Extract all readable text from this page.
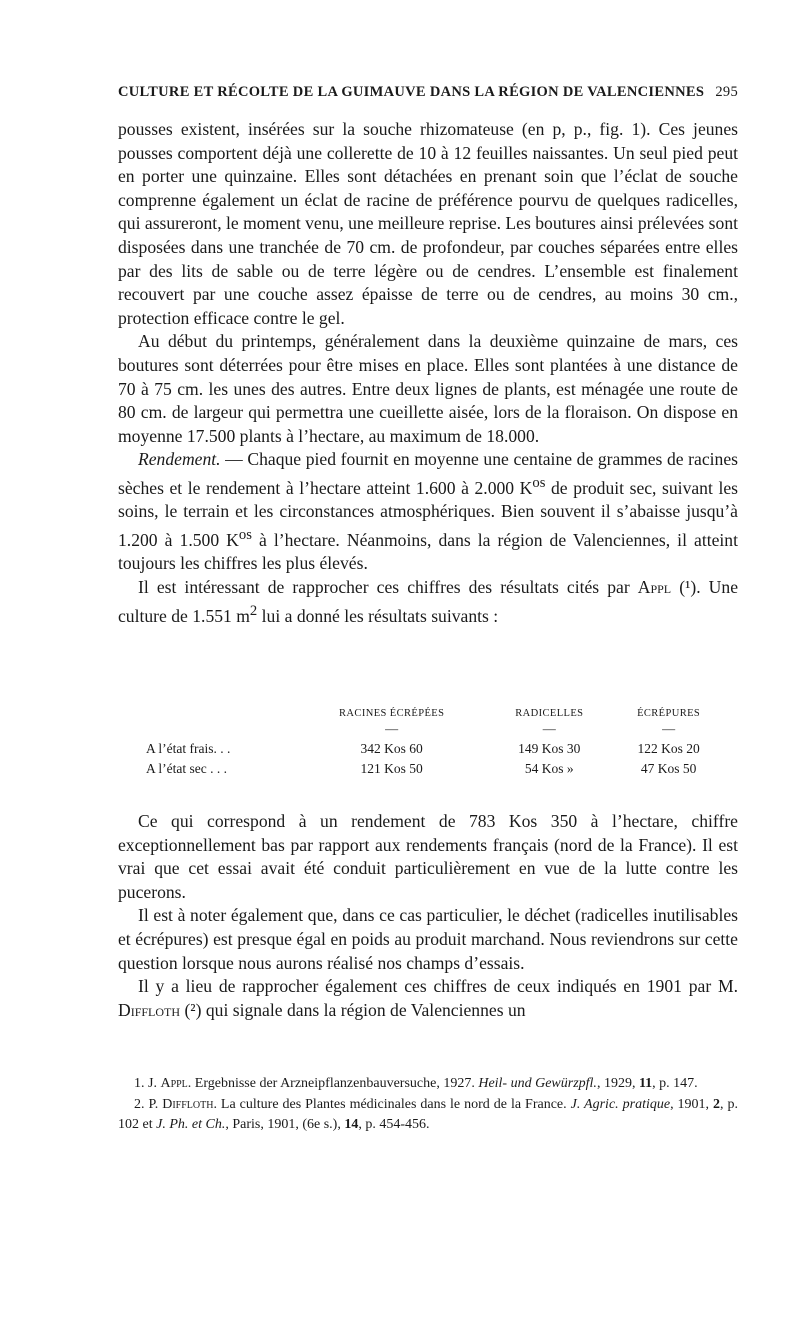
CULTURE ET RÉCOLTE DE LA GUIMAUVE DANS LA RÉGION DE VALENCIENNES 295

pousses existent, insérées sur la souche rhizomateuse (en p, p., fig. 1). Ces jeunes pousses comportent déjà une collerette de 10 à 12 feuilles naissantes. Un seul pied peut en porter une quinzaine. Elles sont détachées en prenant soin que l’éclat de souche comprenne également un éclat de racine de préférence pourvu de quelques radicelles, qui assureront, le moment venu, une meilleure reprise. Les boutures ainsi prélevées sont disposées dans une tranchée de 70 cm. de profondeur, par couches séparées entre elles par des lits de sable ou de terre légère ou de cendres. L’ensemble est finalement recouvert par une couche assez épaisse de terre ou de cendres, au moins 30 cm., protection efficace contre le gel.

Au début du printemps, généralement dans la deuxième quinzaine de mars, ces boutures sont déterrées pour être mises en place. Elles sont plantées à une distance de 70 à 75 cm. les unes des autres. Entre deux lignes de plants, est ménagée une route de 80 cm. de largeur qui permettra une cueillette aisée, lors de la floraison. On dispose en moyenne 17.500 plants à l’hectare, au maximum de 18.000.

Rendement. — Chaque pied fournit en moyenne une centaine de grammes de racines sèches et le rendement à l’hectare atteint 1.600 à 2.000 $K^{os}$ de produit sec, suivant les soins, le terrain et les circonstances atmosphériques. Bien souvent il s’abaisse jusqu’à 1.200 à 1.500 $K^{os}$ à l’hectare. Néanmoins, dans la région de Valenciennes, il atteint toujours les chiffres les plus élevés.

Il est intéressant de rapprocher ces chiffres des résultats cités par Appl (¹). Une culture de 1.551 $m^2$ lui a donné les résultats suivants :

	RACINES ÉCRÉPÉES	RADICELLES	ÉCRÉPURES
	—	—	—
A l’état frais. . .	342 Kos 60	149 Kos 30	122 Kos 20
A l’état sec . . .	121 Kos 50	54 Kos »	47 Kos 50

Ce qui correspond à un rendement de 783 Kos 350 à l’hectare, chiffre exceptionnellement bas par rapport aux rendements français (nord de la France). Il est vrai que cet essai avait été conduit particulièrement en vue de la lutte contre les pucerons.

Il est à noter également que, dans ce cas particulier, le déchet (radicelles inutilisables et écrépures) est presque égal en poids au produit marchand. Nous reviendrons sur cette question lorsque nous aurons réalisé nos champs d’essais.

Il y a lieu de rapprocher également ces chiffres de ceux indiqués en 1901 par M. Diffloth (²) qui signale dans la région de Valenciennes un

1. J. Appl. Ergebnisse der Arzneipflanzenbauversuche, 1927. Heil- und Gewürzpfl., 1929, 11, p. 147.

2. P. Diffloth. La culture des Plantes médicinales dans le nord de la France. J. Agric. pratique, 1901, 2, p. 102 et J. Ph. et Ch., Paris, 1901, (6e s.), 14, p. 454-456.
